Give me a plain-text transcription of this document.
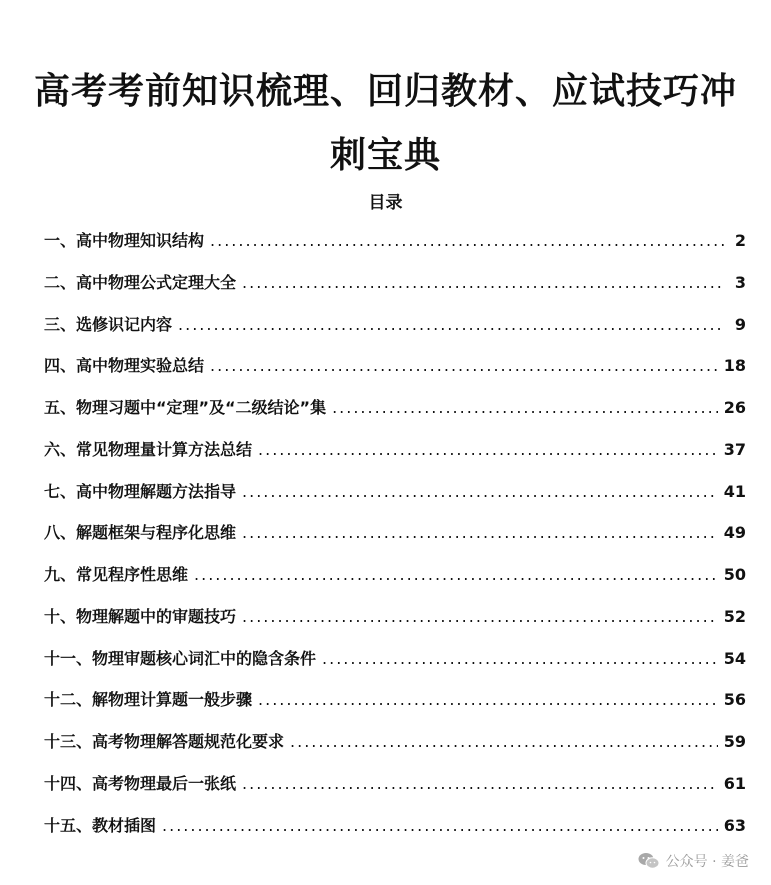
高考考前知识梳理、回归教材、应试技巧冲刺宝典
目录
一、高中物理知识结构 .....	2
二、高中物理公式定理大全 .....	3
三、选修识记内容 .....	9
四、高中物理实验总结 .....	18
五、物理习题中“定理”及“二级结论”集 .....	26
六、常见物理量计算方法总结 .....	37
七、高中物理解题方法指导 .....	41
八、解题框架与程序化思维 .....	49
九、常见程序性思维 .....	50
十、物理解题中的审题技巧 .....	52
十一、物理审题核心词汇中的隐含条件 .....	54
十二、解物理计算题一般步骤 .....	56
十三、高考物理解答题规范化要求 .....	59
十四、高考物理最后一张纸 .....	61
十五、教材插图 .....	63
公众号 · 姜爸
